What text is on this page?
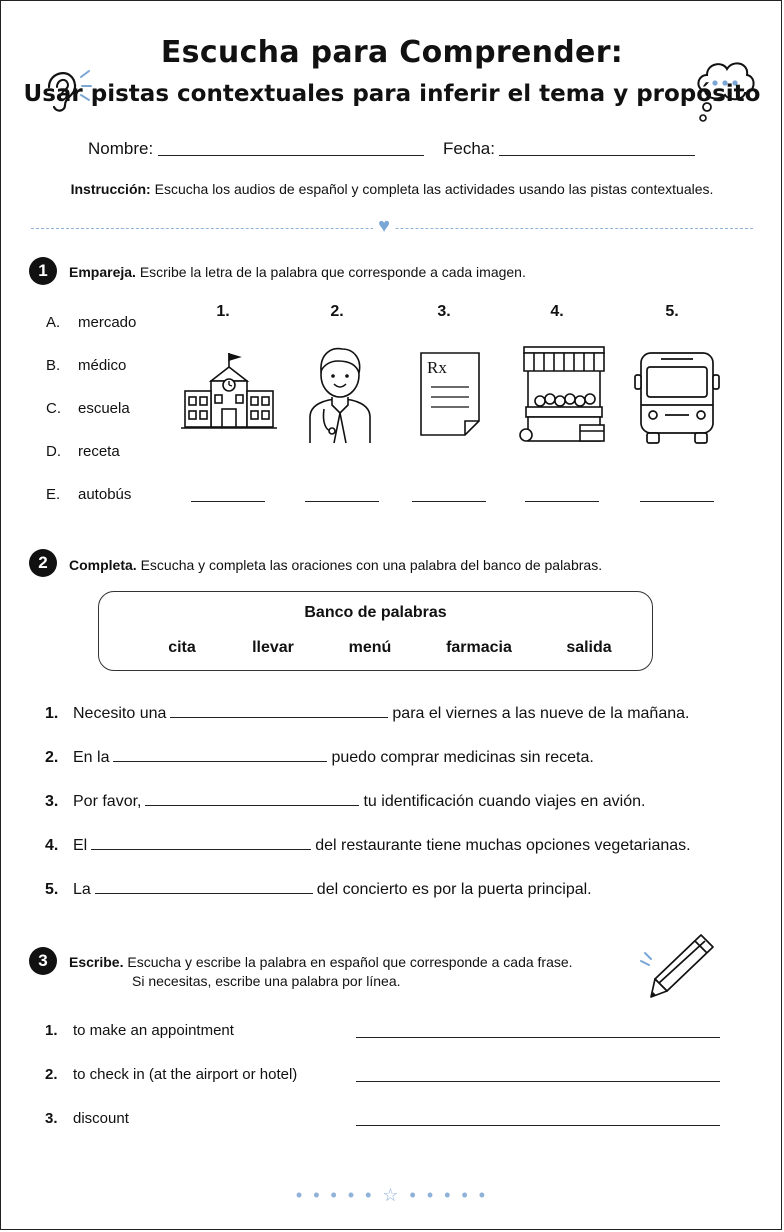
Escucha para Comprender:
Usar pistas contextuales para inferir el tema y propósito
Nombre:	Fecha:
Instrucción: Escucha los audios de español y completa las actividades usando las pistas contextuales.
♥
1	Empareja. Escribe la letra de la palabra que corresponde a cada imagen.
A. mercado
B. médico
C. escuela
D. receta
E. autobús
1.	2.	3.	4.	5.
Rx
2	Completa. Escucha y completa las oraciones con una palabra del banco de palabras.
Banco de palabras
cita	llevar	menú	farmacia	salida
1. Necesito una	para el viernes a las nueve de la mañana.
2. En la	puedo comprar medicinas sin receta.
3. Por favor,	tu identificación cuando viajes en avión.
4. El	del restaurante tiene muchas opciones vegetarianas.
5. La	del concierto es por la puerta principal.
3	Escribe. Escucha y escribe la palabra en español que corresponde a cada frase.
Si necesitas, escribe una palabra por línea.
1. to make an appointment
2. to check in (at the airport or hotel)
3. discount
• • • • • ☆ • • • • •
